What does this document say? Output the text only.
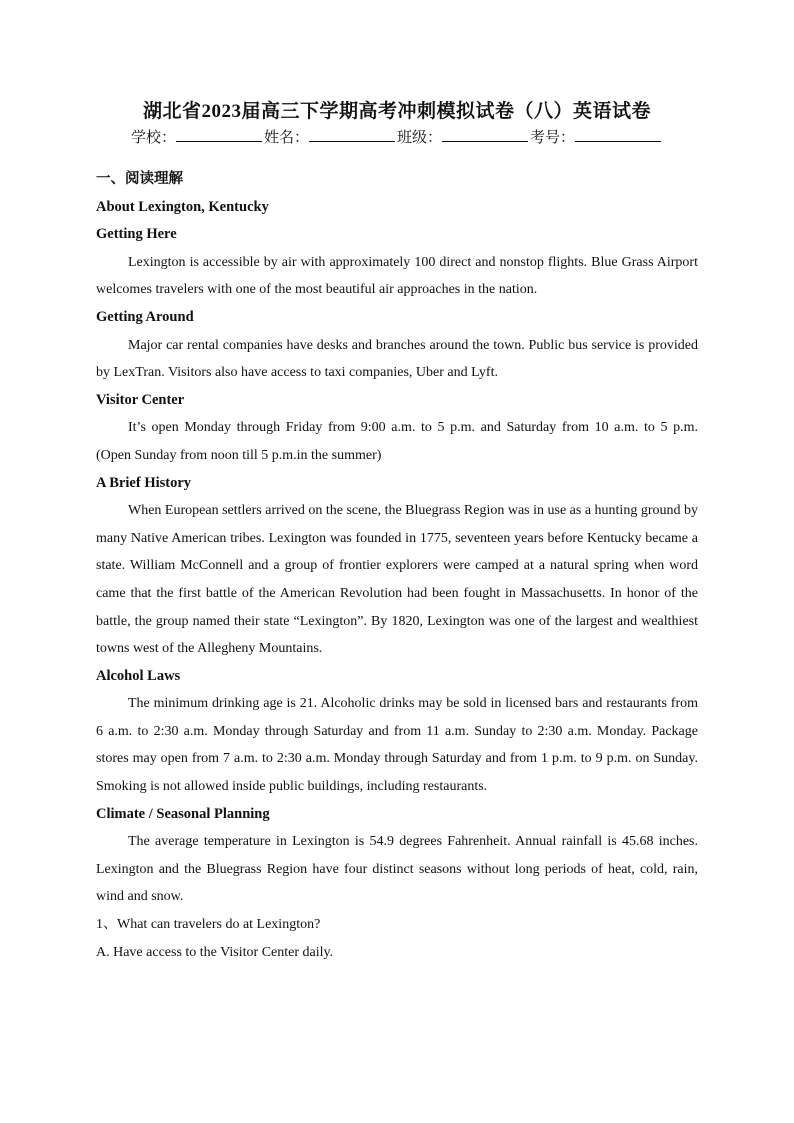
湖北省2023届高三下学期高考冲刺模拟试卷（八）英语试卷
学校：	姓名：	班级：	考号：

一、阅读理解

About Lexington, Kentucky

Getting Here

Lexington is accessible by air with approximately 100 direct and nonstop flights. Blue Grass Airport welcomes travelers with one of the most beautiful air approaches in the nation.

Getting Around

Major car rental companies have desks and branches around the town. Public bus service is provided by LexTran. Visitors also have access to taxi companies, Uber and Lyft.

Visitor Center

It’s open Monday through Friday from 9:00 a.m. to 5 p.m. and Saturday from 10 a.m. to 5 p.m. (Open Sunday from noon till 5 p.m.in the summer)

A Brief History

When European settlers arrived on the scene, the Bluegrass Region was in use as a hunting ground by many Native American tribes. Lexington was founded in 1775, seventeen years before Kentucky became a state. William McConnell and a group of frontier explorers were camped at a natural spring when word came that the first battle of the American Revolution had been fought in Massachusetts. In honor of the battle, the group named their state “Lexington”. By 1820, Lexington was one of the largest and wealthiest towns west of the Allegheny Mountains.

Alcohol Laws

The minimum drinking age is 21. Alcoholic drinks may be sold in licensed bars and restaurants from 6 a.m. to 2:30 a.m. Monday through Saturday and from 11 a.m. Sunday to 2:30 a.m. Monday. Package stores may open from 7 a.m. to 2:30 a.m. Monday through Saturday and from 1 p.m. to 9 p.m. on Sunday. Smoking is not allowed inside public buildings, including restaurants.

Climate / Seasonal Planning

The average temperature in Lexington is 54.9 degrees Fahrenheit. Annual rainfall is 45.68 inches. Lexington and the Bluegrass Region have four distinct seasons without long periods of heat, cold, rain, wind and snow.

1、What can travelers do at Lexington?

A. Have access to the Visitor Center daily.
